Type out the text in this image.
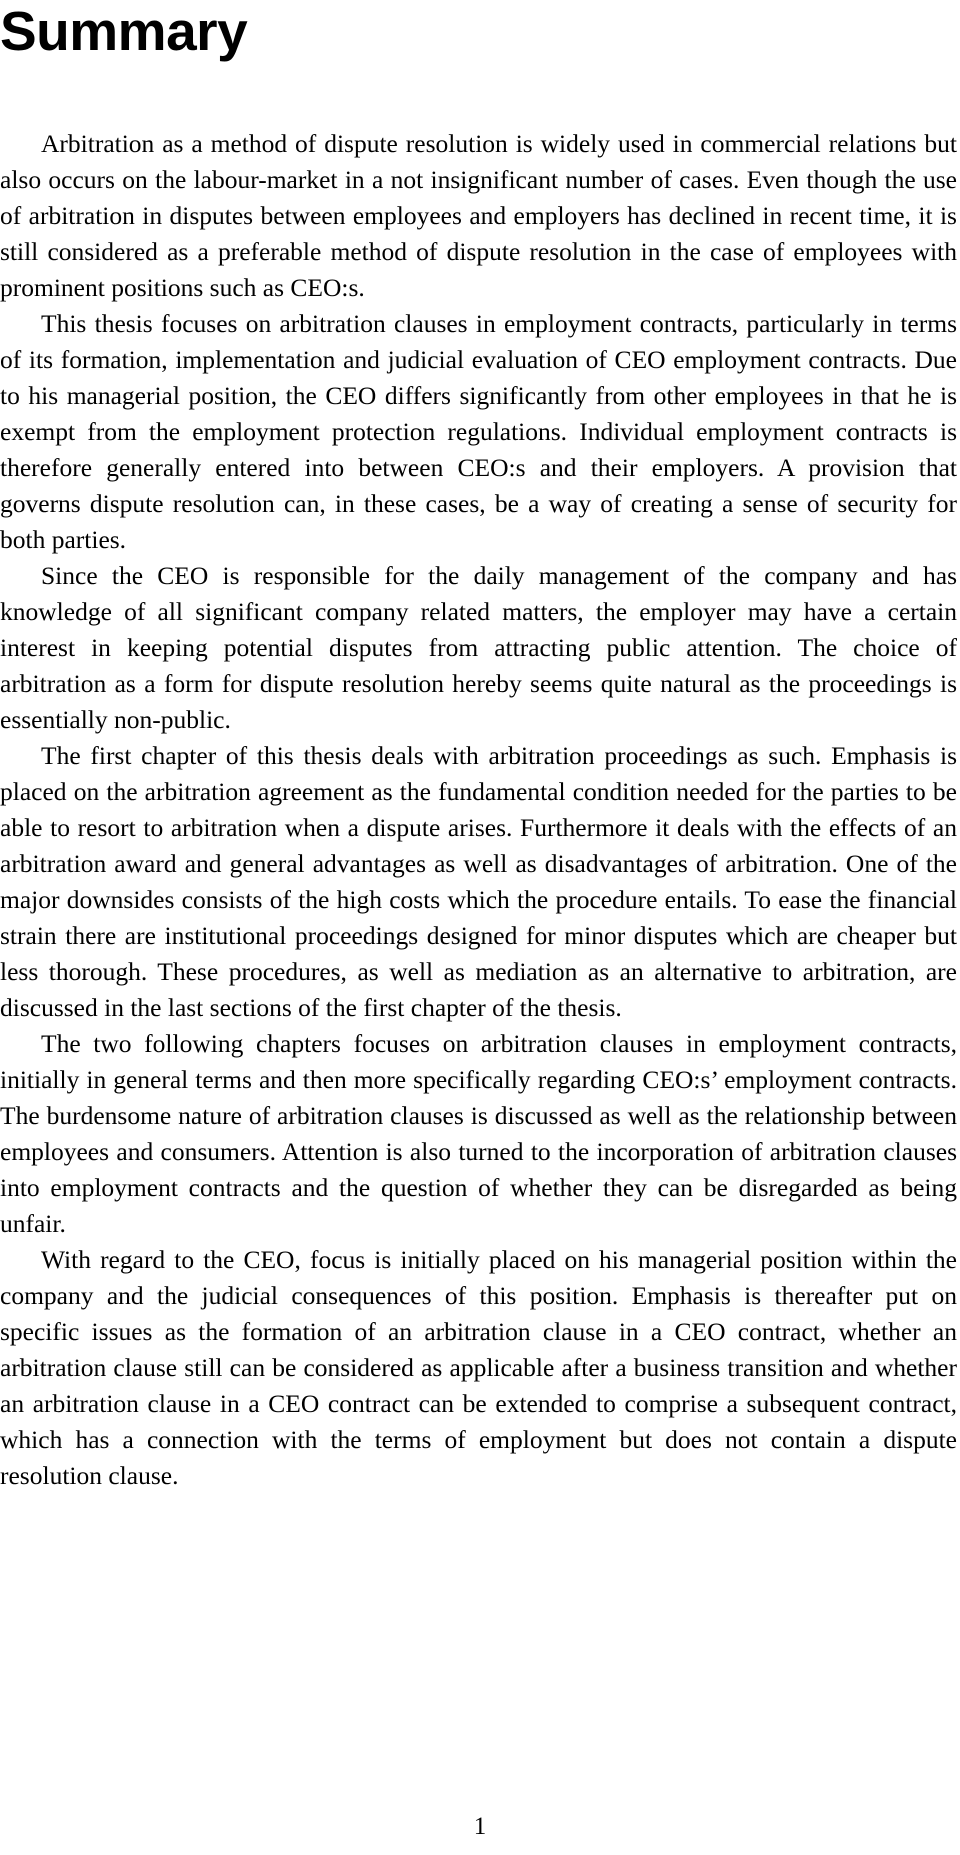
Summary

Arbitration as a method of dispute resolution is widely used in commercial relations but also occurs on the labour-market in a not insignificant number of cases. Even though the use of arbitration in disputes between employees and employers has declined in recent time, it is still considered as a preferable method of dispute resolution in the case of employees with prominent positions such as CEO:s.

This thesis focuses on arbitration clauses in employment contracts, particularly in terms of its formation, implementation and judicial evaluation of CEO employment contracts. Due to his managerial position, the CEO differs significantly from other employees in that he is exempt from the employment protection regulations. Individual employment contracts is therefore generally entered into between CEO:s and their employers. A provision that governs dispute resolution can, in these cases, be a way of creating a sense of security for both parties.

Since the CEO is responsible for the daily management of the company and has knowledge of all significant company related matters, the employer may have a certain interest in keeping potential disputes from attracting public attention. The choice of arbitration as a form for dispute resolution hereby seems quite natural as the proceedings is essentially non-public.

The first chapter of this thesis deals with arbitration proceedings as such. Emphasis is placed on the arbitration agreement as the fundamental condition needed for the parties to be able to resort to arbitration when a dispute arises. Furthermore it deals with the effects of an arbitration award and general advantages as well as disadvantages of arbitration. One of the major downsides consists of the high costs which the procedure entails. To ease the financial strain there are institutional proceedings designed for minor disputes which are cheaper but less thorough. These procedures, as well as mediation as an alternative to arbitration, are discussed in the last sections of the first chapter of the thesis.

The two following chapters focuses on arbitration clauses in employment contracts, initially in general terms and then more specifically regarding CEO:s’ employment contracts. The burdensome nature of arbitration clauses is discussed as well as the relationship between employees and consumers. Attention is also turned to the incorporation of arbitration clauses into employment contracts and the question of whether they can be disregarded as being unfair.

With regard to the CEO, focus is initially placed on his managerial position within the company and the judicial consequences of this position. Emphasis is thereafter put on specific issues as the formation of an arbitration clause in a CEO contract, whether an arbitration clause still can be considered as applicable after a business transition and whether an arbitration clause in a CEO contract can be extended to comprise a subsequent contract, which has a connection with the terms of employment but does not contain a dispute resolution clause.

1
